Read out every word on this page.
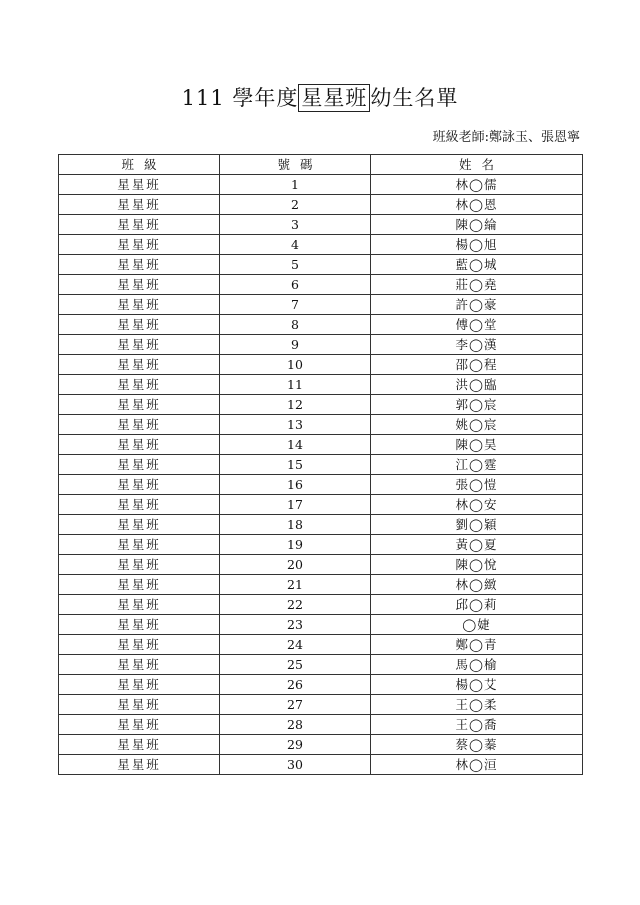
111 學年度 星星班 幼生名單
班級老師:鄭詠玉、張恩寧
班級	號碼	姓名
星星班	1	林◯儒
星星班	2	林◯恩
星星班	3	陳◯綸
星星班	4	楊◯旭
星星班	5	藍◯城
星星班	6	莊◯堯
星星班	7	許◯豪
星星班	8	傅◯堂
星星班	9	李◯漢
星星班	10	邵◯程
星星班	11	洪◯臨
星星班	12	郭◯宸
星星班	13	姚◯宸
星星班	14	陳◯昊
星星班	15	江◯霆
星星班	16	張◯愷
星星班	17	林◯安
星星班	18	劉◯穎
星星班	19	黃◯夏
星星班	20	陳◯悅
星星班	21	林◯緻
星星班	22	邱◯莉
星星班	23	◯婕
星星班	24	鄭◯青
星星班	25	馬◯榆
星星班	26	楊◯艾
星星班	27	王◯柔
星星班	28	王◯喬
星星班	29	蔡◯蓁
星星班	30	林◯洹
